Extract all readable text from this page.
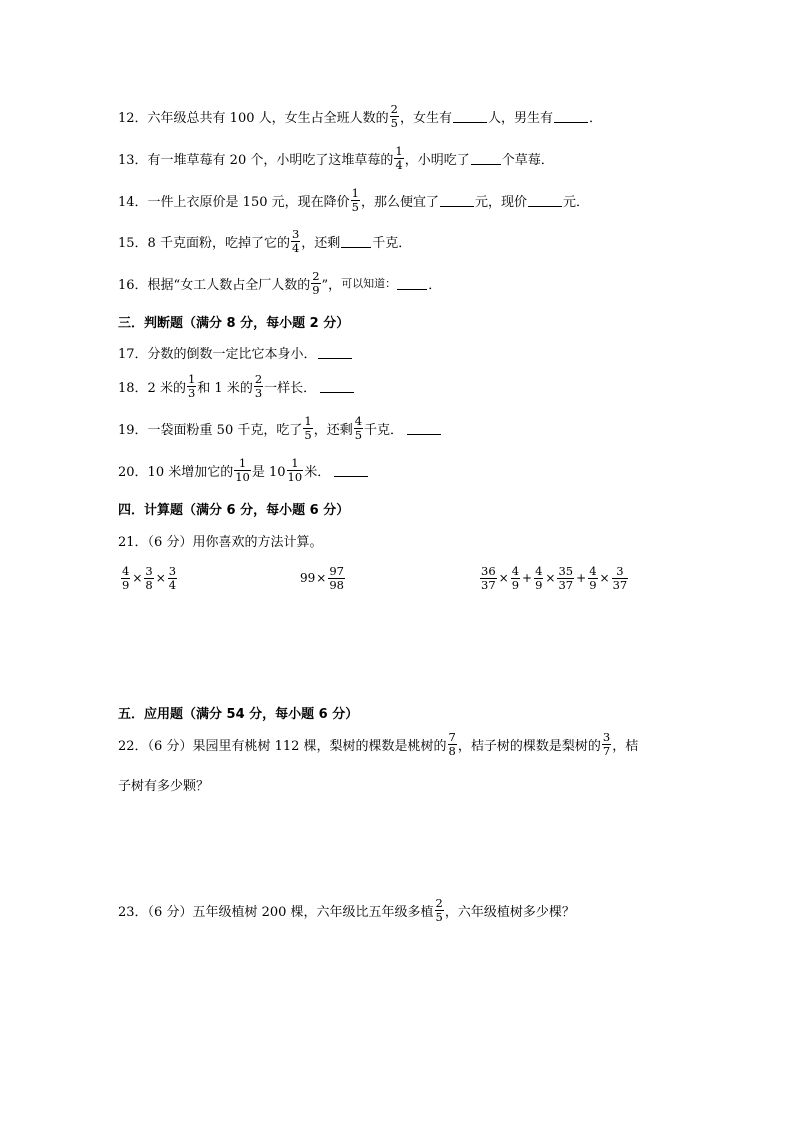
12．六年级总共有 100 人，女生占全班人数的 $\frac{2}{5}$ ，女生有	人，男生有	．
13．有一堆草莓有 20 个，小明吃了这堆草莓的 $\frac{1}{4}$ ，小明吃了 个草莓．
14．一件上衣原价是 150 元，现在降价 $\frac{1}{5}$ ，那么便宜了	元，现价	元．
15．8 千克面粉，吃掉了它的 $\frac{3}{4}$ ，还剩 千克．
16．根据“女工人数占全厂人数的 $\frac{2}{9}$ ”， 可以知道： ．
三．判断题（满分 8 分，每小题 2 分）
17．分数的倒数一定比它本身小．
18．2 米的 $\frac{1}{3}$ 和 1 米的 $\frac{2}{3}$ 一样长．
19．一袋面粉重 50 千克，吃了 $\frac{1}{5}$ ，还剩 $\frac{4}{5}$ 千克．
20．10 米增加它的 $\frac{1}{10}$ 是 $10 \frac{1}{10}$ 米．
四．计算题（满分 6 分，每小题 6 分）
21．（6 分）用你喜欢的方法计算。
$\frac{4}{9} \times \frac{3}{8} \times \frac{3}{4}$	$99 \times \frac{97}{98}$	$\frac{36}{37} \times \frac{4}{9} + \frac{4}{9} \times \frac{35}{37} + \frac{4}{9} \times \frac{3}{37}$
五．应用题（满分 54 分，每小题 6 分）
22．（6 分）果园里有桃树 112 棵，梨树的棵数是桃树的 $\frac{7}{8}$ ，桔子树的棵数是梨树的 $\frac{3}{7}$ ，桔
子树有多少颗？
23．（6 分）五年级植树 200 棵，六年级比五年级多植 $\frac{2}{5}$ ，六年级植树多少棵？
